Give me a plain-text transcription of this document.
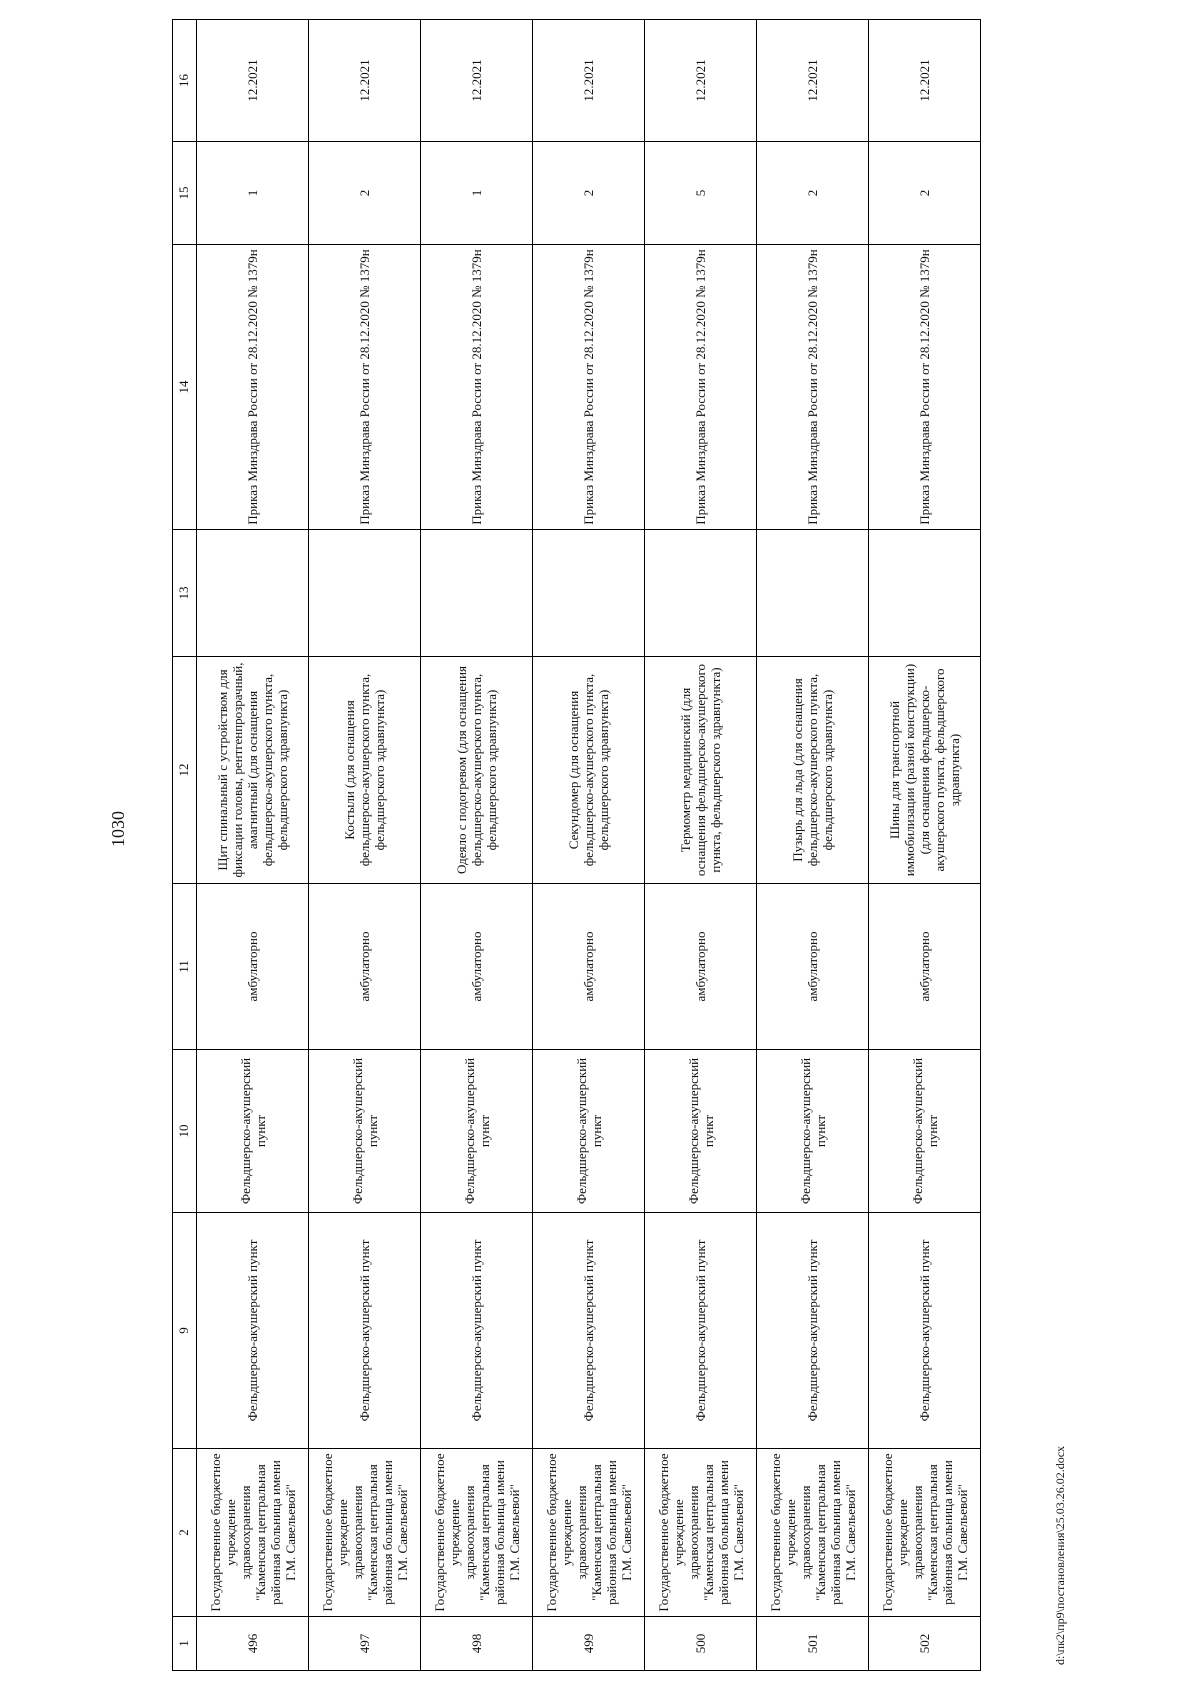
1030
1	2	9	10	11	12	13	14	15	16
496	Государственное бюджетное учреждение здравоохранения "Каменская центральная районная больница имени Г.М. Савельевой"	Фельдшерско-акушерский пункт	Фельдшерско-акушерский пункт	амбулаторно	Щит спинальный с устройством для фиксации головы, рентгенпрозрачный, амагнитный (для оснащения фельдшерско-акушерского пункта, фельдшерского здравпункта)		Приказ Минздрава России от 28.12.2020 № 1379н	1	12.2021
497	Государственное бюджетное учреждение здравоохранения "Каменская центральная районная больница имени Г.М. Савельевой"	Фельдшерско-акушерский пункт	Фельдшерско-акушерский пункт	амбулаторно	Костыли (для оснащения фельдшерско-акушерского пункта, фельдшерского здравпункта)		Приказ Минздрава России от 28.12.2020 № 1379н	2	12.2021
498	Государственное бюджетное учреждение здравоохранения "Каменская центральная районная больница имени Г.М. Савельевой"	Фельдшерско-акушерский пункт	Фельдшерско-акушерский пункт	амбулаторно	Одеяло с подогревом (для оснащения фельдшерско-акушерского пункта, фельдшерского здравпункта)		Приказ Минздрава России от 28.12.2020 № 1379н	1	12.2021
499	Государственное бюджетное учреждение здравоохранения "Каменская центральная районная больница имени Г.М. Савельевой"	Фельдшерско-акушерский пункт	Фельдшерско-акушерский пункт	амбулаторно	Секундомер (для оснащения фельдшерско-акушерского пункта, фельдшерского здравпункта)		Приказ Минздрава России от 28.12.2020 № 1379н	2	12.2021
500	Государственное бюджетное учреждение здравоохранения "Каменская центральная районная больница имени Г.М. Савельевой"	Фельдшерско-акушерский пункт	Фельдшерско-акушерский пункт	амбулаторно	Термометр медицинский (для оснащения фельдшерско-акушерского пункта, фельдшерского здравпункта)		Приказ Минздрава России от 28.12.2020 № 1379н	5	12.2021
501	Государственное бюджетное учреждение здравоохранения "Каменская центральная районная больница имени Г.М. Савельевой"	Фельдшерско-акушерский пункт	Фельдшерско-акушерский пункт	амбулаторно	Пузырь для льда (для оснащения фельдшерско-акушерского пункта, фельдшерского здравпункта)		Приказ Минздрава России от 28.12.2020 № 1379н	2	12.2021
502	Государственное бюджетное учреждение здравоохранения "Каменская центральная районная больница имени Г.М. Савельевой"	Фельдшерско-акушерский пункт	Фельдшерско-акушерский пункт	амбулаторно	Шины для транспортной иммобилизации (разной конструкции) (для оснащения фельдшерско-акушерского пункта, фельдшерского здравпункта)		Приказ Минздрава России от 28.12.2020 № 1379н	2	12.2021
d:\пк2\пр9\постановления\25.03.26.02.docx
